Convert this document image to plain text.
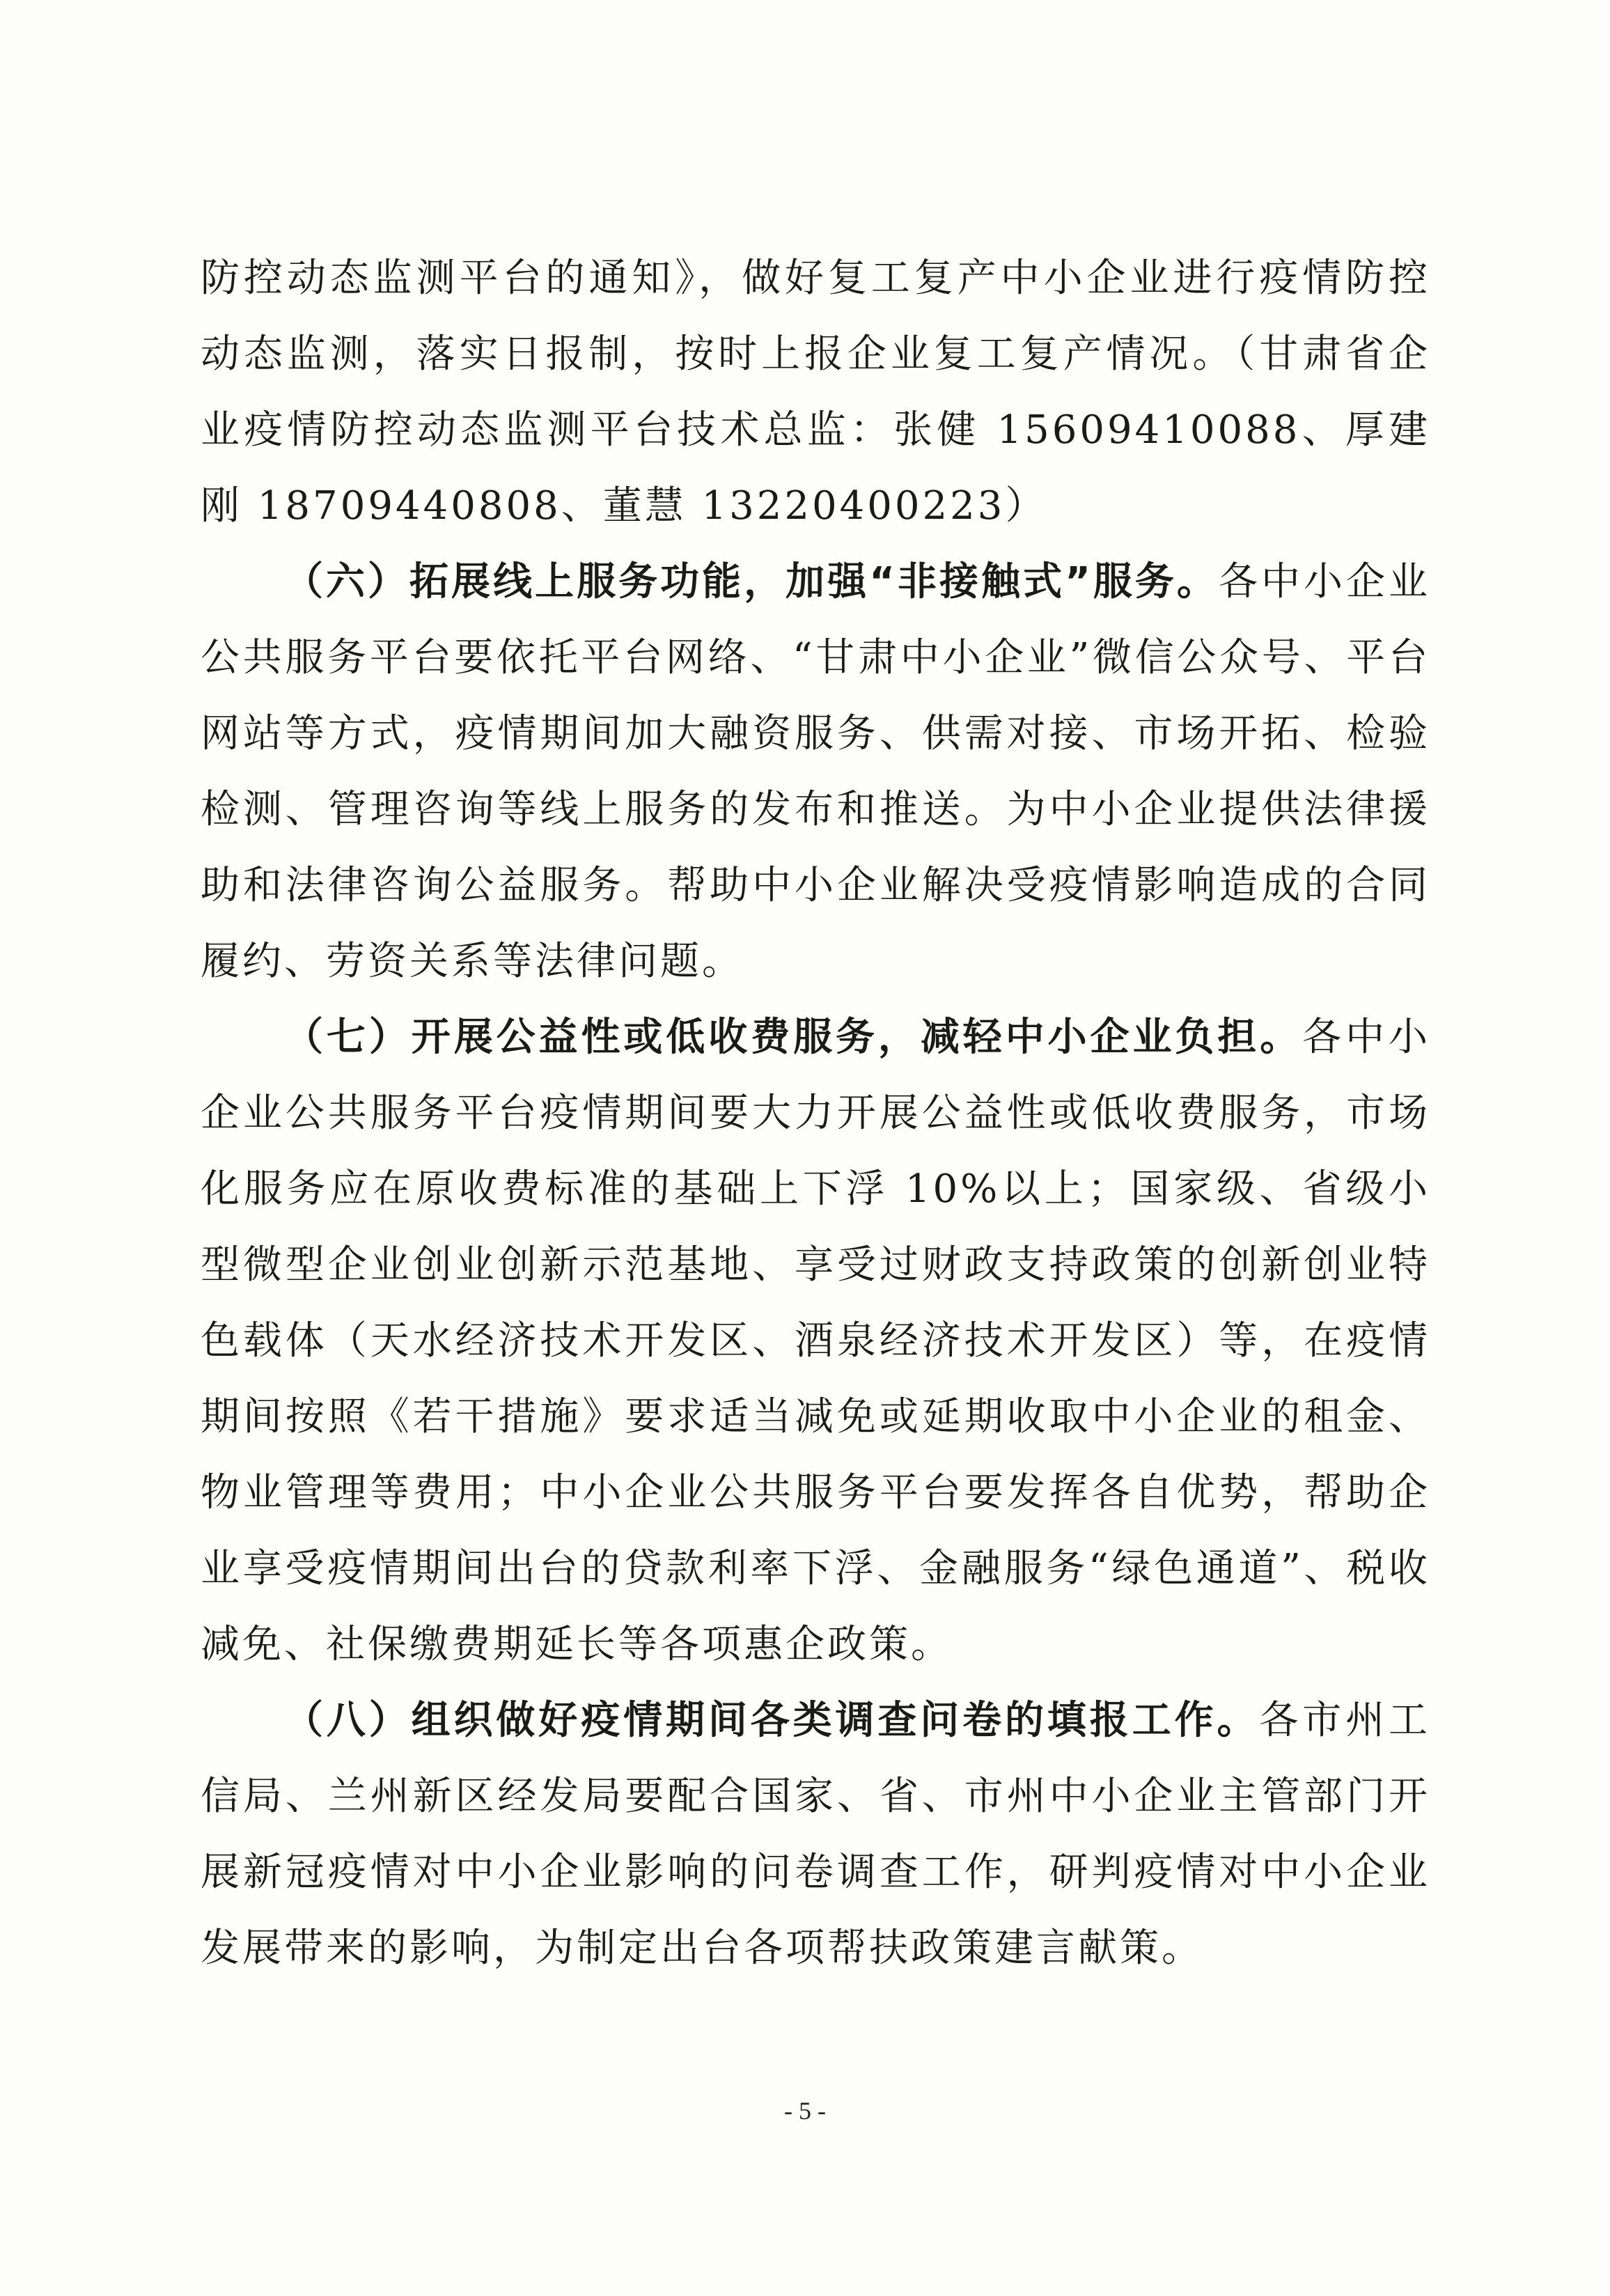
防控动态监测平台的通知》，做好复工复产中小企业进行疫情防控动态监测，落实日报制，按时上报企业复工复产情况。（甘肃省企业疫情防控动态监测平台技术总监：张健 15609410088、厚建刚 18709440808、董慧 13220400223）

（六）拓展线上服务功能，加强“非接触式”服务。各中小企业公共服务平台要依托平台网络、“甘肃中小企业”微信公众号、平台网站等方式，疫情期间加大融资服务、供需对接、市场开拓、检验检测、管理咨询等线上服务的发布和推送。为中小企业提供法律援助和法律咨询公益服务。帮助中小企业解决受疫情影响造成的合同履约、劳资关系等法律问题。

（七）开展公益性或低收费服务，减轻中小企业负担。各中小企业公共服务平台疫情期间要大力开展公益性或低收费服务，市场化服务应在原收费标准的基础上下浮 10%以上；国家级、省级小型微型企业创业创新示范基地、享受过财政支持政策的创新创业特色载体（天水经济技术开发区、酒泉经济技术开发区）等，在疫情期间按照《若干措施》要求适当减免或延期收取中小企业的租金、物业管理等费用；中小企业公共服务平台要发挥各自优势，帮助企业享受疫情期间出台的贷款利率下浮、金融服务“绿色通道”、税收减免、社保缴费期延长等各项惠企政策。

（八）组织做好疫情期间各类调查问卷的填报工作。各市州工信局、兰州新区经发局要配合国家、省、市州中小企业主管部门开展新冠疫情对中小企业影响的问卷调查工作，研判疫情对中小企业发展带来的影响，为制定出台各项帮扶政策建言献策。

- 5 -
